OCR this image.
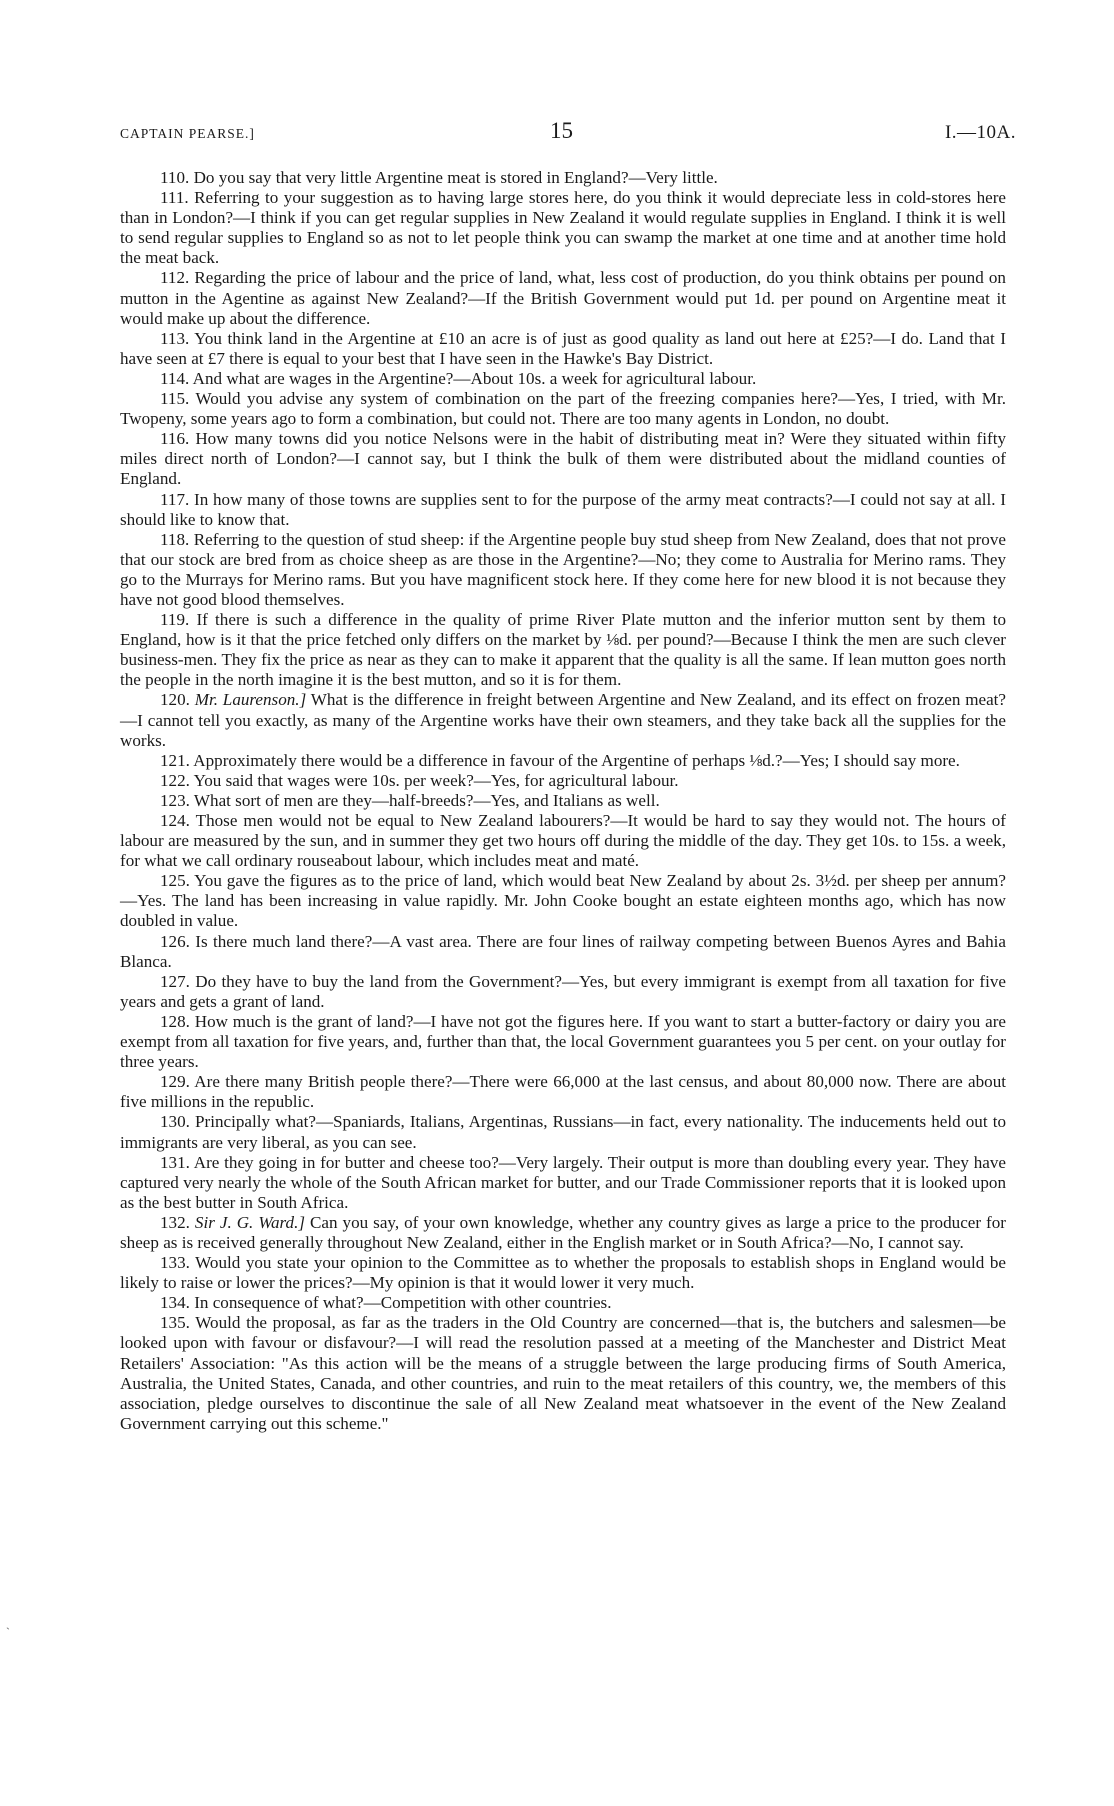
CAPTAIN PEARSE.]	15	I.—10A.

110. Do you say that very little Argentine meat is stored in England?—Very little.

111. Referring to your suggestion as to having large stores here, do you think it would depreciate less in cold-stores here than in London?—I think if you can get regular supplies in New Zealand it would regulate supplies in England. I think it is well to send regular supplies to England so as not to let people think you can swamp the market at one time and at another time hold the meat back.

112. Regarding the price of labour and the price of land, what, less cost of production, do you think obtains per pound on mutton in the Agentine as against New Zealand?—If the British Government would put 1d. per pound on Argentine meat it would make up about the difference.

113. You think land in the Argentine at £10 an acre is of just as good quality as land out here at £25?—I do. Land that I have seen at £7 there is equal to your best that I have seen in the Hawke's Bay District.

114. And what are wages in the Argentine?—About 10s. a week for agricultural labour.

115. Would you advise any system of combination on the part of the freezing companies here?—Yes, I tried, with Mr. Twopeny, some years ago to form a combination, but could not. There are too many agents in London, no doubt.

116. How many towns did you notice Nelsons were in the habit of distributing meat in? Were they situated within fifty miles direct north of London?—I cannot say, but I think the bulk of them were distributed about the midland counties of England.

117. In how many of those towns are supplies sent to for the purpose of the army meat contracts?—I could not say at all. I should like to know that.

118. Referring to the question of stud sheep: if the Argentine people buy stud sheep from New Zealand, does that not prove that our stock are bred from as choice sheep as are those in the Argentine?—No; they come to Australia for Merino rams. They go to the Murrays for Merino rams. But you have magnificent stock here. If they come here for new blood it is not because they have not good blood themselves.

119. If there is such a difference in the quality of prime River Plate mutton and the inferior mutton sent by them to England, how is it that the price fetched only differs on the market by ⅛d. per pound?—Because I think the men are such clever business-men. They fix the price as near as they can to make it apparent that the quality is all the same. If lean mutton goes north the people in the north imagine it is the best mutton, and so it is for them.

120. Mr. Laurenson.] What is the difference in freight between Argentine and New Zealand, and its effect on frozen meat?—I cannot tell you exactly, as many of the Argentine works have their own steamers, and they take back all the supplies for the works.

121. Approximately there would be a difference in favour of the Argentine of perhaps ⅛d.?—Yes; I should say more.

122. You said that wages were 10s. per week?—Yes, for agricultural labour.

123. What sort of men are they—half-breeds?—Yes, and Italians as well.

124. Those men would not be equal to New Zealand labourers?—It would be hard to say they would not. The hours of labour are measured by the sun, and in summer they get two hours off during the middle of the day. They get 10s. to 15s. a week, for what we call ordinary rouseabout labour, which includes meat and maté.

125. You gave the figures as to the price of land, which would beat New Zealand by about 2s. 3½d. per sheep per annum?—Yes. The land has been increasing in value rapidly. Mr. John Cooke bought an estate eighteen months ago, which has now doubled in value.

126. Is there much land there?—A vast area. There are four lines of railway competing between Buenos Ayres and Bahia Blanca.

127. Do they have to buy the land from the Government?—Yes, but every immigrant is exempt from all taxation for five years and gets a grant of land.

128. How much is the grant of land?—I have not got the figures here. If you want to start a butter-factory or dairy you are exempt from all taxation for five years, and, further than that, the local Government guarantees you 5 per cent. on your outlay for three years.

129. Are there many British people there?—There were 66,000 at the last census, and about 80,000 now. There are about five millions in the republic.

130. Principally what?—Spaniards, Italians, Argentinas, Russians—in fact, every nationality. The inducements held out to immigrants are very liberal, as you can see.

131. Are they going in for butter and cheese too?—Very largely. Their output is more than doubling every year. They have captured very nearly the whole of the South African market for butter, and our Trade Commissioner reports that it is looked upon as the best butter in South Africa.

132. Sir J. G. Ward.] Can you say, of your own knowledge, whether any country gives as large a price to the producer for sheep as is received generally throughout New Zealand, either in the English market or in South Africa?—No, I cannot say.

133. Would you state your opinion to the Committee as to whether the proposals to establish shops in England would be likely to raise or lower the prices?—My opinion is that it would lower it very much.

134. In consequence of what?—Competition with other countries.

135. Would the proposal, as far as the traders in the Old Country are concerned—that is, the butchers and salesmen—be looked upon with favour or disfavour?—I will read the resolution passed at a meeting of the Manchester and District Meat Retailers' Association: "As this action will be the means of a struggle between the large producing firms of South America, Australia, the United States, Canada, and other countries, and ruin to the meat retailers of this country, we, the members of this association, pledge ourselves to discontinue the sale of all New Zealand meat whatsoever in the event of the New Zealand Government carrying out this scheme."

`
